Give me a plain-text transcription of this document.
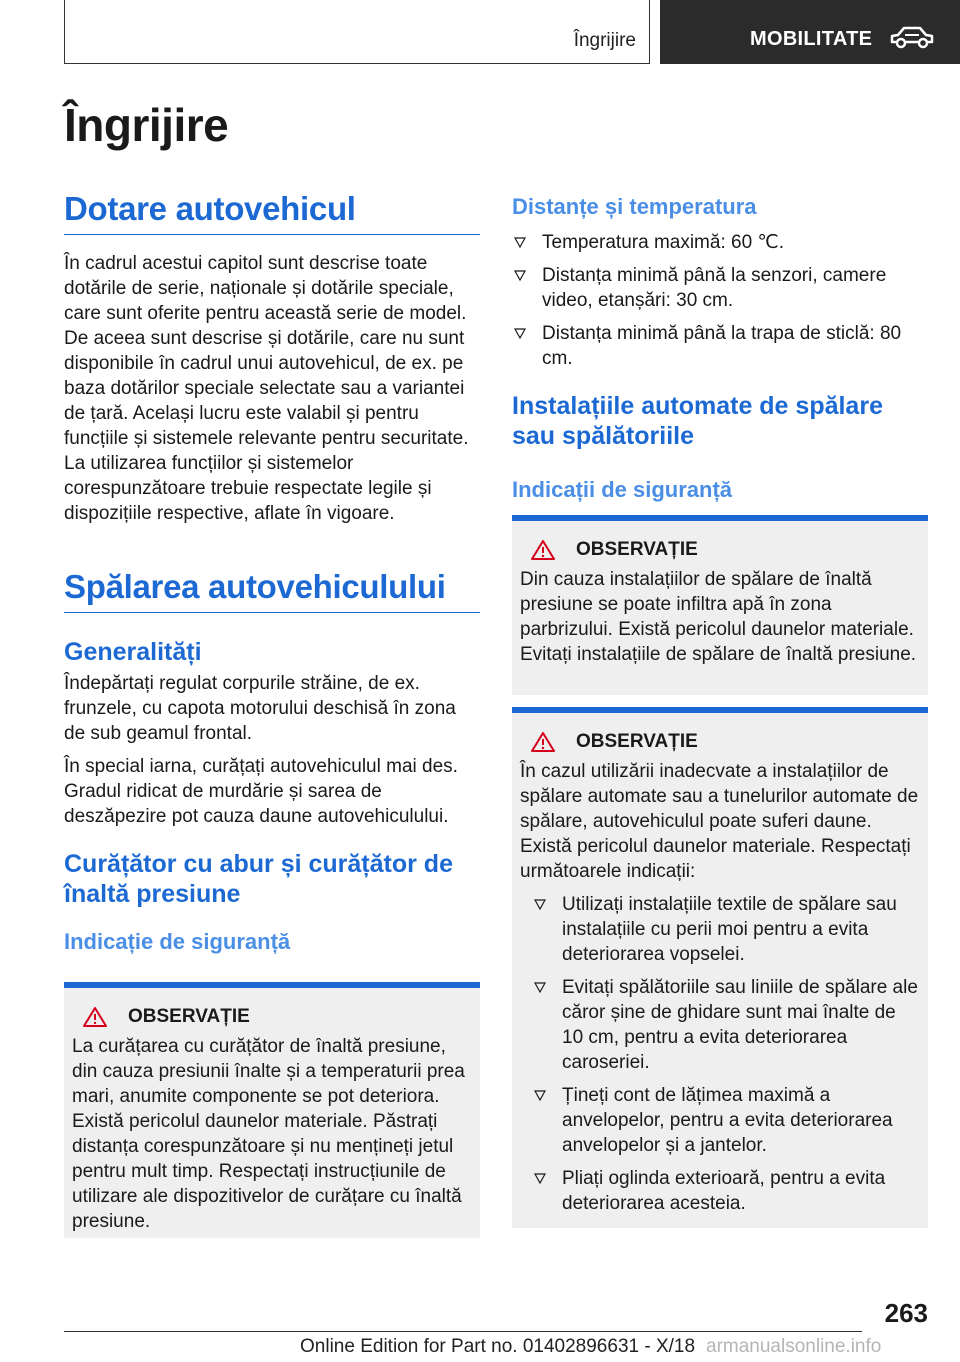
Îngrijire	MOBILITATE
Îngrijire
Dotare autovehicul

În cadrul acestui capitol sunt descrise toate dotările de serie, naționale și dotările speciale, care sunt oferite pentru această serie de model. De aceea sunt descrise și dotările, care nu sunt disponibile în cadrul unui autovehicul, de ex. pe baza dotărilor speciale selectate sau a variantei de țară. Același lucru este valabil și pentru funcțiile și sistemele relevante pentru securitate. La utilizarea funcțiilor și sistemelor corespunzătoare trebuie respectate legile și dispozițiile respective, aflate în vigoare.

Spălarea autovehiculului
Generalități

Îndepărtați regulat corpurile străine, de ex. frunzele, cu capota motorului deschisă în zona de sub geamul frontal.

În special iarna, curățați autovehiculul mai des. Gradul ridicat de murdărie și sarea de deszăpezire pot cauza daune autovehiculului.

Curățător cu abur și curățător de înaltă presiune
Indicație de siguranță
OBSERVAȚIE

La curățarea cu curățător de înaltă presiune, din cauza presiunii înalte și a temperaturii prea mari, anumite componente se pot deteriora. Există pericolul daunelor materiale. Păstrați distanța corespunzătoare și nu mențineți jetul pentru mult timp. Respectați instrucțiunile de utilizare ale dispozitivelor de curățare cu înaltă presiune.

Distanțe și temperatura
Temperatura maximă: 60 ℃.
Distanța minimă până la senzori, camere video, etanșări: 30 cm.
Distanța minimă până la trapa de sticlă: 80 cm.
Instalațiile automate de spălare sau spălătoriile
Indicații de siguranță
OBSERVAȚIE

Din cauza instalațiilor de spălare de înaltă presiune se poate infiltra apă în zona parbrizului. Există pericolul daunelor materiale. Evitați instalațiile de spălare de înaltă presiune.

OBSERVAȚIE

În cazul utilizării inadecvate a instalațiilor de spălare automate sau a tunelurilor automate de spălare, autovehiculul poate suferi daune. Există pericolul daunelor materiale. Respectați următoarele indicații:

Utilizați instalațiile textile de spălare sau instalațiile cu perii moi pentru a evita deteriorarea vopselei.
Evitați spălătoriile sau liniile de spălare ale căror șine de ghidare sunt mai înalte de 10 cm, pentru a evita deteriorarea caroseriei.
Țineți cont de lățimea maximă a anvelopelor, pentru a evita deteriorarea anvelopelor și a jantelor.
Pliați oglinda exterioară, pentru a evita deteriorarea acesteia.
263
Online Edition for Part no. 01402896631 - X/18 armanualsonline.info
